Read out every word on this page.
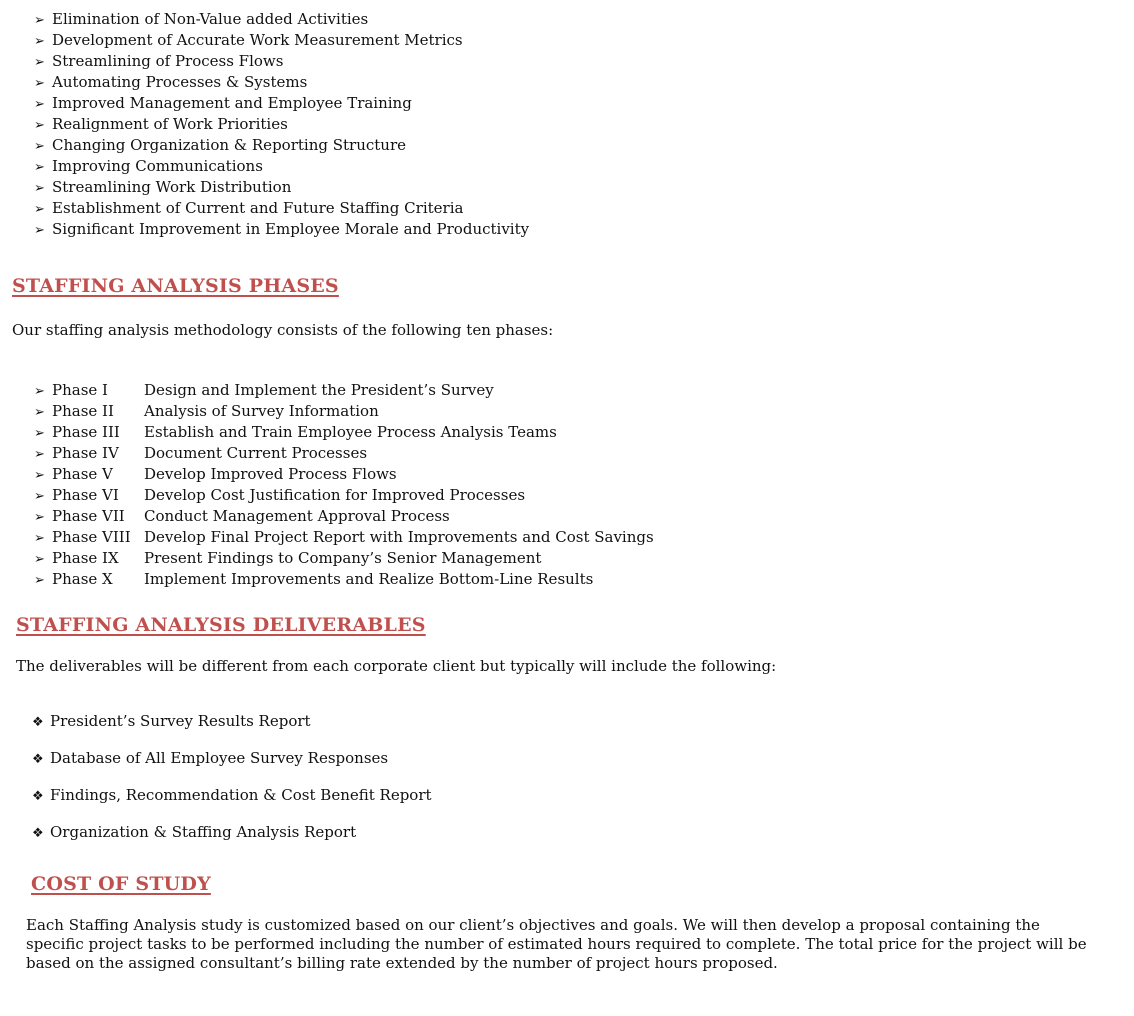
➢ Elimination of Non-Value added Activities
➢ Development of Accurate Work Measurement Metrics
➢ Streamlining of Process Flows
➢ Automating Processes & Systems
➢ Improved Management and Employee Training
➢ Realignment of Work Priorities
➢ Changing Organization & Reporting Structure
➢ Improving Communications
➢ Streamlining Work Distribution
➢ Establishment of Current and Future Staffing Criteria
➢ Significant Improvement in Employee Morale and Productivity
STAFFING ANALYSIS PHASES
Our staffing analysis methodology consists of the following ten phases:
➢ Phase I Design and Implement the President’s Survey
➢ Phase II Analysis of Survey Information
➢ Phase III Establish and Train Employee Process Analysis Teams
➢ Phase IV Document Current Processes
➢ Phase V Develop Improved Process Flows
➢ Phase VI Develop Cost Justification for Improved Processes
➢ Phase VII Conduct Management Approval Process
➢ Phase VIII Develop Final Project Report with Improvements and Cost Savings
➢ Phase IX Present Findings to Company’s Senior Management
➢ Phase X Implement Improvements and Realize Bottom-Line Results
STAFFING ANALYSIS DELIVERABLES
The deliverables will be different from each corporate client but typically will include the following:
❖ President’s Survey Results Report
❖ Database of All Employee Survey Responses
❖ Findings, Recommendation & Cost Benefit Report
❖ Organization & Staffing Analysis Report
COST OF STUDY
Each Staffing Analysis study is customized based on our client’s objectives and goals. We will then develop a proposal containing the
specific project tasks to be performed including the number of estimated hours required to complete. The total price for the project will be
based on the assigned consultant’s billing rate extended by the number of project hours proposed.
